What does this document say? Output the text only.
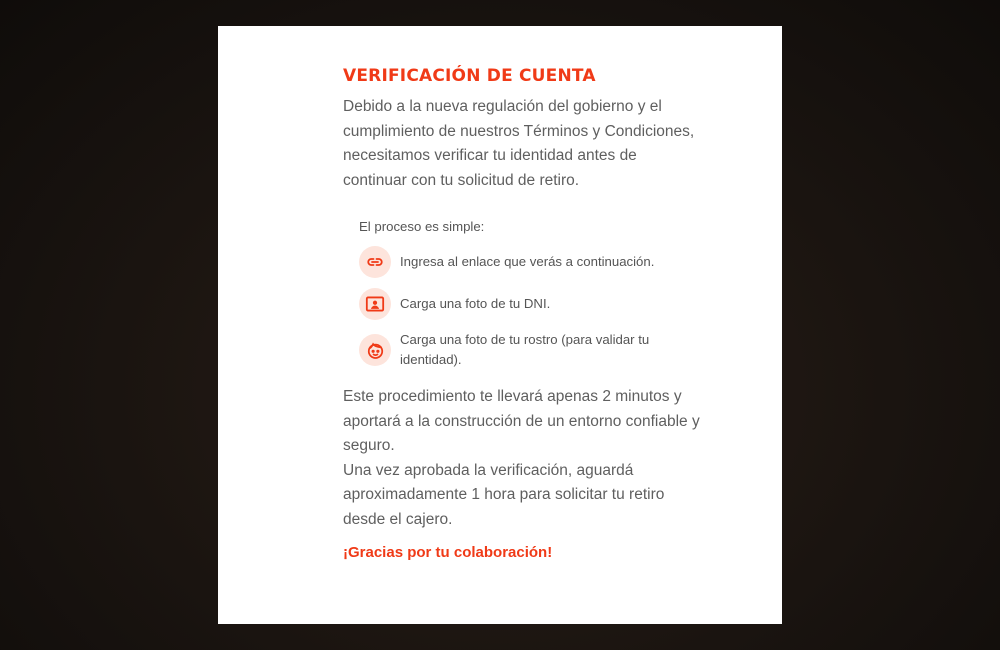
VERIFICACIÓN DE CUENTA

Debido a la nueva regulación del gobierno y el cumplimiento de nuestros Términos y Condiciones, necesitamos verificar tu identidad antes de continuar con tu solicitud de retiro.

El proceso es simple:

Ingresa al enlace que verás a continuación.
Carga una foto de tu DNI.
Carga una foto de tu rostro (para validar tu identidad).

Este procedimiento te llevará apenas 2 minutos y aportará a la construcción de un entorno confiable y seguro.

Una vez aprobada la verificación, aguardá aproximadamente 1 hora para solicitar tu retiro desde el cajero.

¡Gracias por tu colaboración!
